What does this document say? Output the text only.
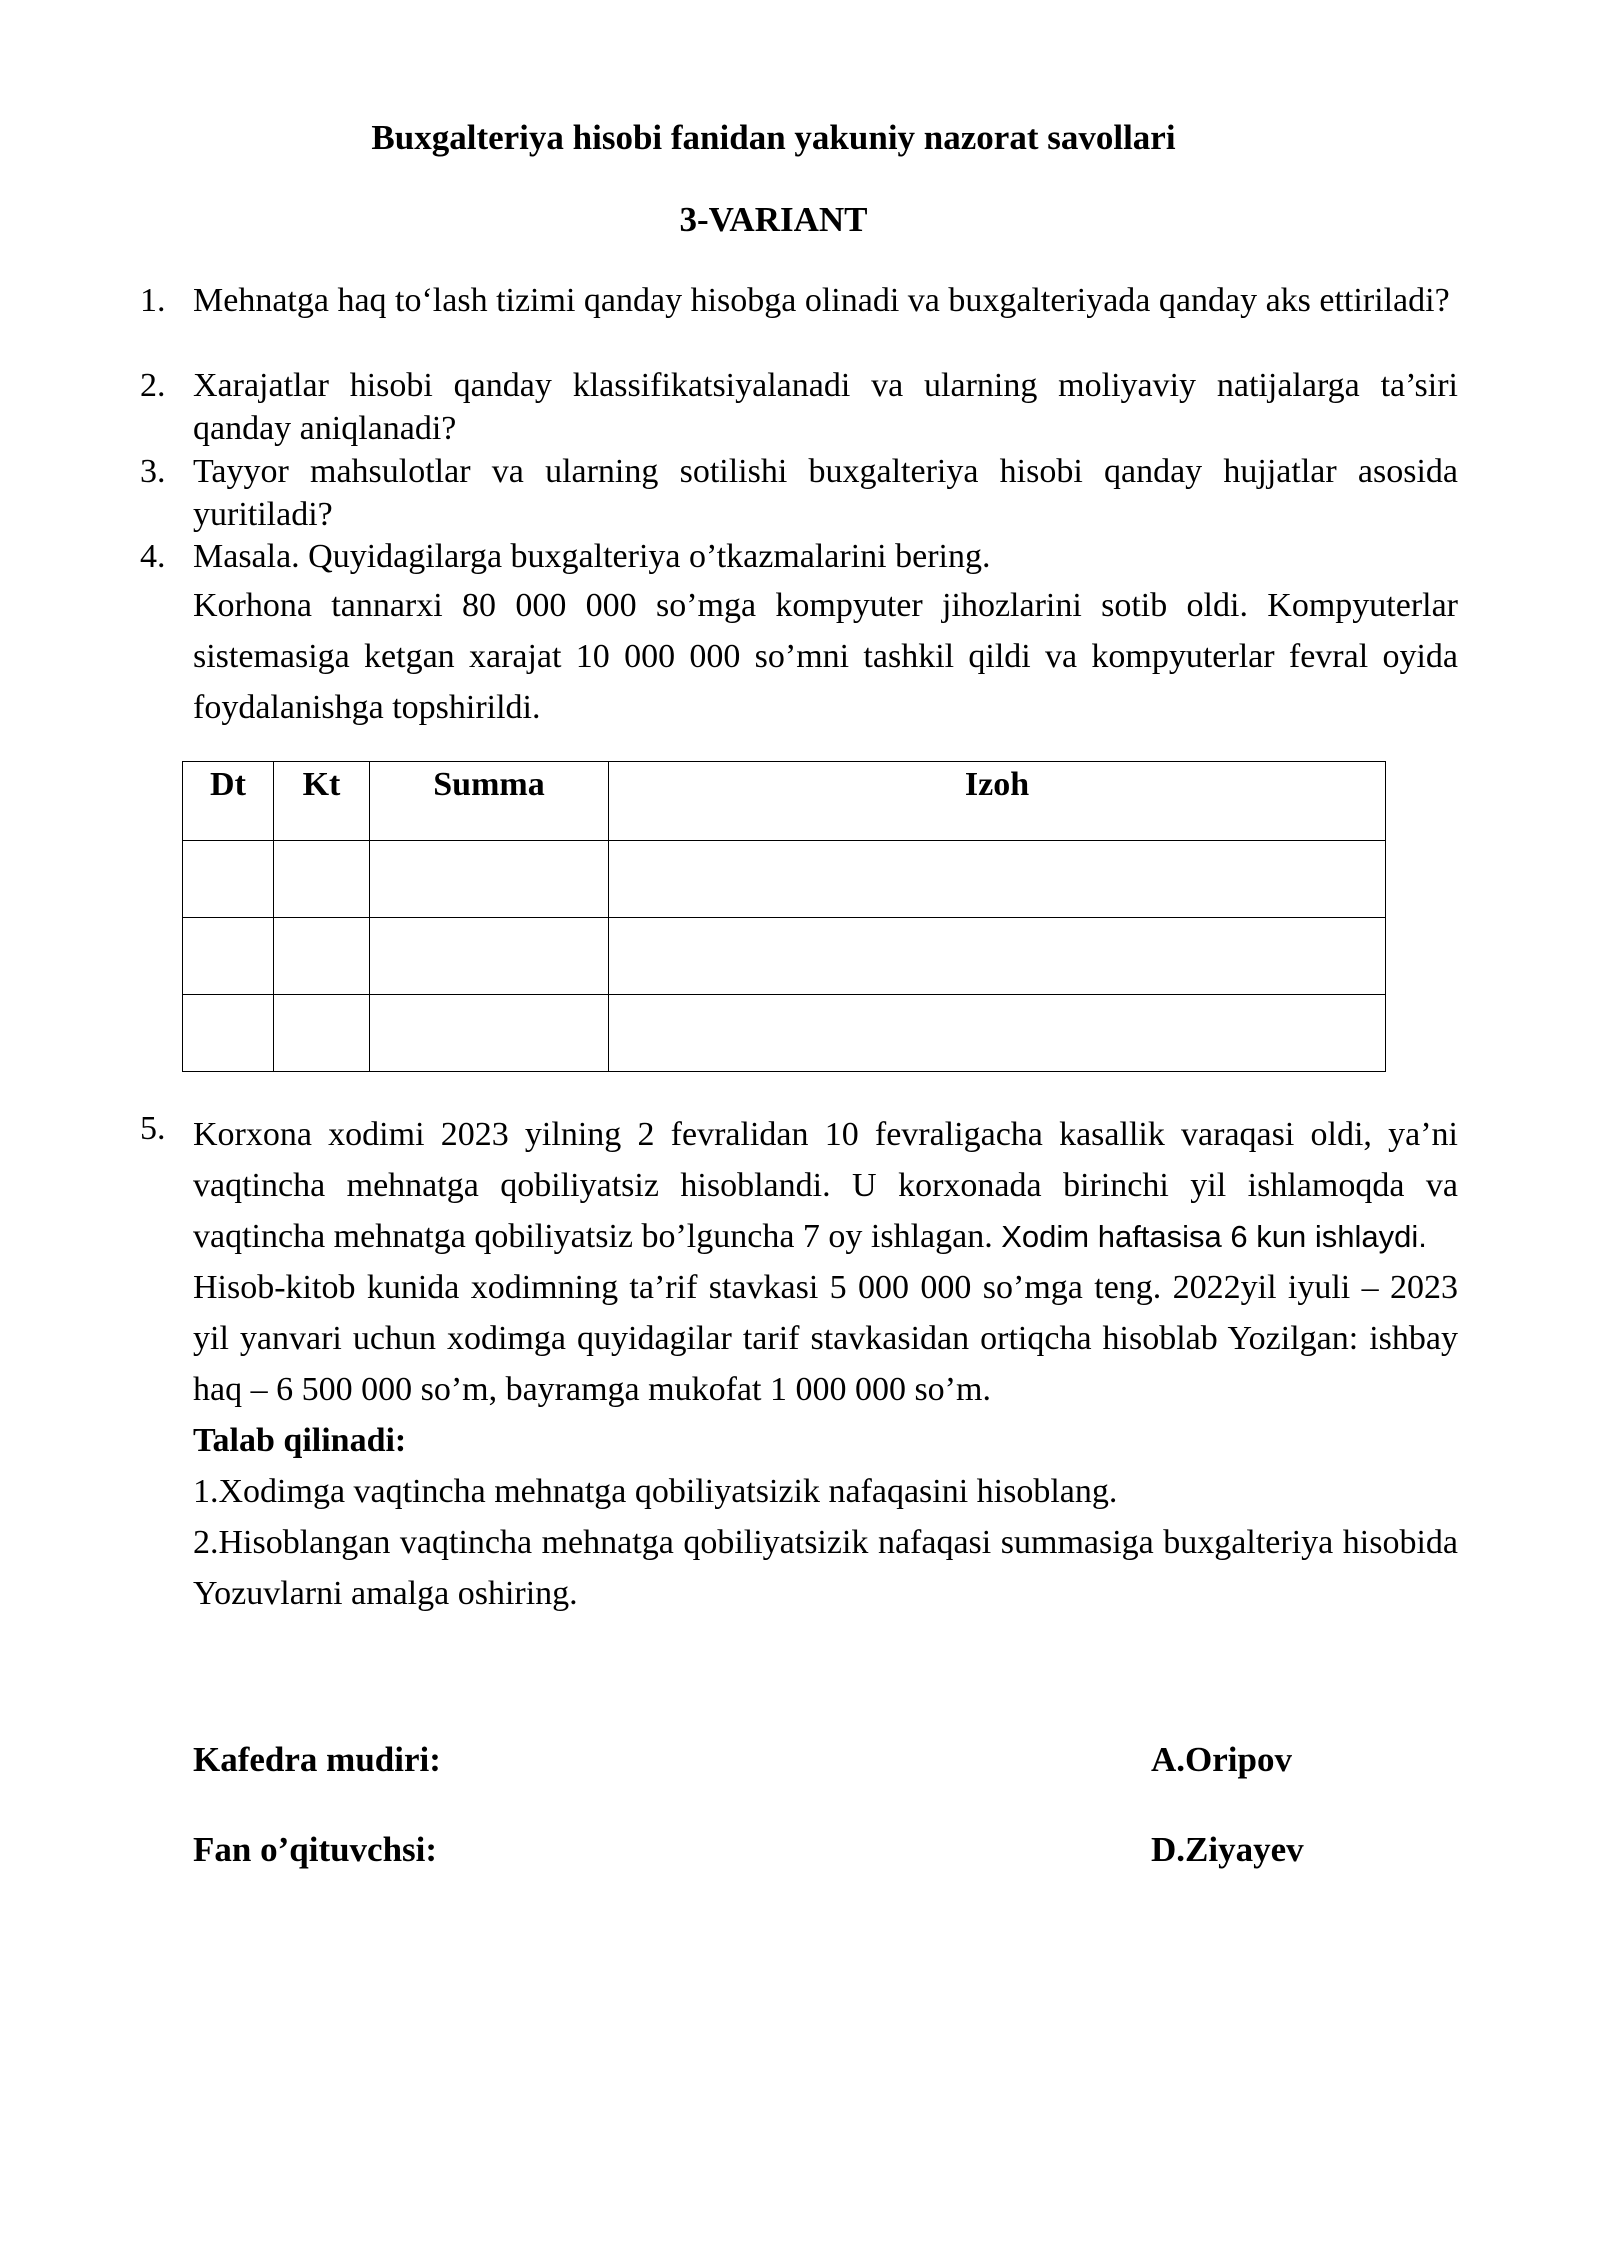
Buxgalteriya hisobi fanidan yakuniy nazorat savollari
3-VARIANT
1. Mehnatga haq to‘lash tizimi qanday hisobga olinadi va buxgalteriyada qanday aks ettiriladi?
2. Xarajatlar hisobi qanday klassifikatsiyalanadi va ularning moliyaviy natijalarga ta’siri qanday aniqlanadi?
3. Tayyor mahsulotlar va ularning sotilishi buxgalteriya hisobi qanday hujjatlar asosida yuritiladi?
4. Masala. Quyidagilarga buxgalteriya o’tkazmalarini bering.
Korhona tannarxi 80 000 000 so’mga kompyuter jihozlarini sotib oldi. Kompyuterlar sistemasiga ketgan xarajat 10 000 000 so’mni tashkil qildi va kompyuterlar fevral oyida foydalanishga topshirildi.
Dt	Kt	Summa	Izoh

5. Korxona xodimi 2023 yilning 2 fevralidan 10 fevraligacha kasallik varaqasi oldi, ya’ni vaqtincha mehnatga qobiliyatsiz hisoblandi. U korxonada birinchi yil ishlamoqda va vaqtincha mehnatga qobiliyatsiz bo’lguncha 7 oy ishlagan. Xodim haftasisa 6 kun ishlaydi.
Hisob-kitob kunida xodimning ta’rif stavkasi 5 000 000 so’mga teng. 2022yil iyuli – 2023 yil yanvari uchun xodimga quyidagilar tarif stavkasidan ortiqcha hisoblab Yozilgan: ishbay haq – 6 500 000 so’m, bayramga mukofat 1 000 000 so’m.
Talab qilinadi:
1.Xodimga vaqtincha mehnatga qobiliyatsizik nafaqasini hisoblang.
2.Hisoblangan vaqtincha mehnatga qobiliyatsizik nafaqasi summasiga buxgalteriya hisobida Yozuvlarni amalga oshiring.
Kafedra mudiri:	A.Oripov
Fan o’qituvchsi:	D.Ziyayev
